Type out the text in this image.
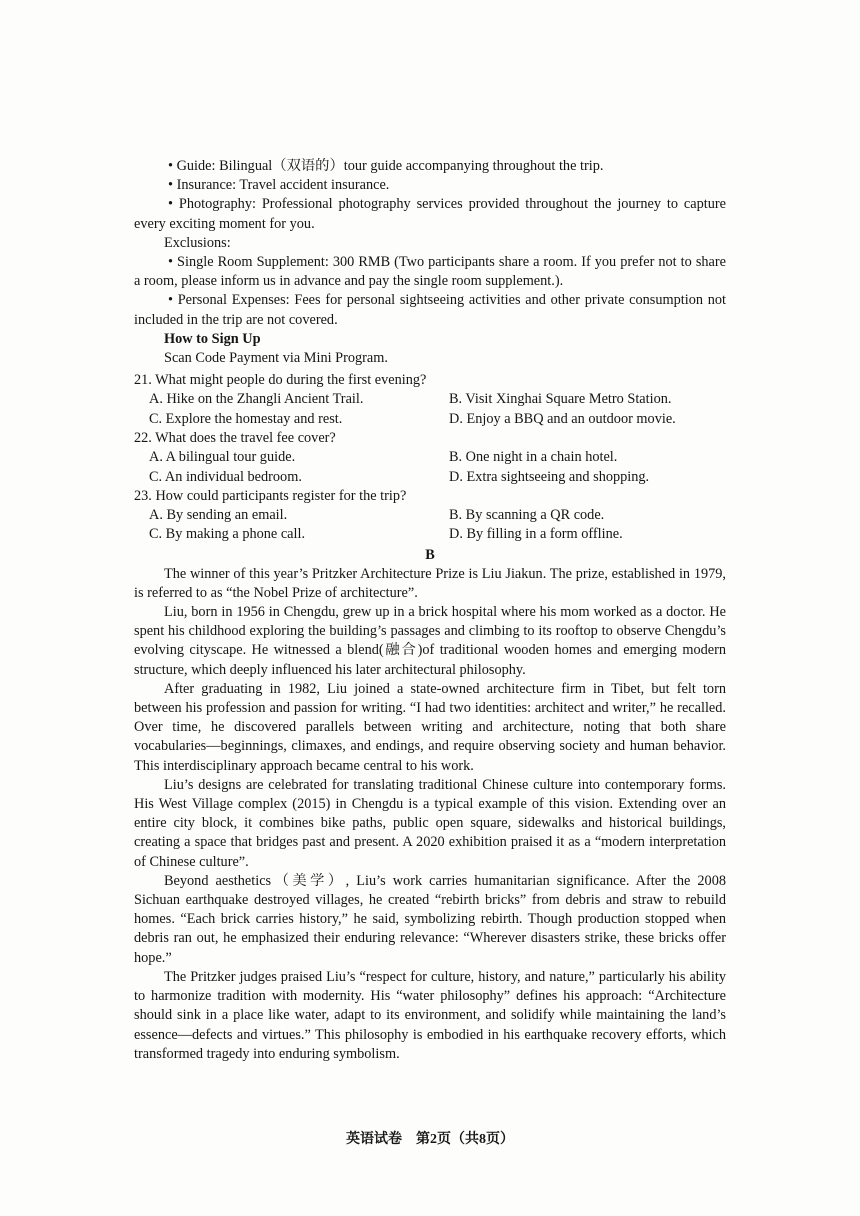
• Guide: Bilingual（双语的）tour guide accompanying throughout the trip.

• Insurance: Travel accident insurance.

• Photography: Professional photography services provided throughout the journey to capture every exciting moment for you.

Exclusions:

• Single Room Supplement: 300 RMB (Two participants share a room. If you prefer not to share a room, please inform us in advance and pay the single room supplement.).

• Personal Expenses: Fees for personal sightseeing activities and other private consumption not included in the trip are not covered.

How to Sign Up

Scan Code Payment via Mini Program.

21. What might people do during the first evening?

A. Hike on the Zhangli Ancient Trail.	B. Visit Xinghai Square Metro Station.
C. Explore the homestay and rest.	D. Enjoy a BBQ and an outdoor movie.

22. What does the travel fee cover?

A. A bilingual tour guide.	B. One night in a chain hotel.
C. An individual bedroom.	D. Extra sightseeing and shopping.

23. How could participants register for the trip?

A. By sending an email.	B. By scanning a QR code.
C. By making a phone call.	D. By filling in a form offline.
B

The winner of this year’s Pritzker Architecture Prize is Liu Jiakun. The prize, established in 1979, is referred to as “the Nobel Prize of architecture”.

Liu, born in 1956 in Chengdu, grew up in a brick hospital where his mom worked as a doctor. He spent his childhood exploring the building’s passages and climbing to its rooftop to observe Chengdu’s evolving cityscape. He witnessed a blend(融合)of traditional wooden homes and emerging modern structure, which deeply influenced his later architectural philosophy.

After graduating in 1982, Liu joined a state-owned architecture firm in Tibet, but felt torn between his profession and passion for writing. “I had two identities: architect and writer,” he recalled. Over time, he discovered parallels between writing and architecture, noting that both share vocabularies—beginnings, climaxes, and endings, and require observing society and human behavior. This interdisciplinary approach became central to his work.

Liu’s designs are celebrated for translating traditional Chinese culture into contemporary forms. His West Village complex (2015) in Chengdu is a typical example of this vision. Extending over an entire city block, it combines bike paths, public open square, sidewalks and historical buildings, creating a space that bridges past and present. A 2020 exhibition praised it as a “modern interpretation of Chinese culture”.

Beyond aesthetics（美学）, Liu’s work carries humanitarian significance. After the 2008 Sichuan earthquake destroyed villages, he created “rebirth bricks” from debris and straw to rebuild homes. “Each brick carries history,” he said, symbolizing rebirth. Though production stopped when debris ran out, he emphasized their enduring relevance: “Wherever disasters strike, these bricks offer hope.”

The Pritzker judges praised Liu’s “respect for culture, history, and nature,” particularly his ability to harmonize tradition with modernity. His “water philosophy” defines his approach: “Architecture should sink in a place like water, adapt to its environment, and solidify while maintaining the land’s essence—defects and virtues.” This philosophy is embodied in his earthquake recovery efforts, which transformed tragedy into enduring symbolism.

英语试卷　第2页（共8页）
